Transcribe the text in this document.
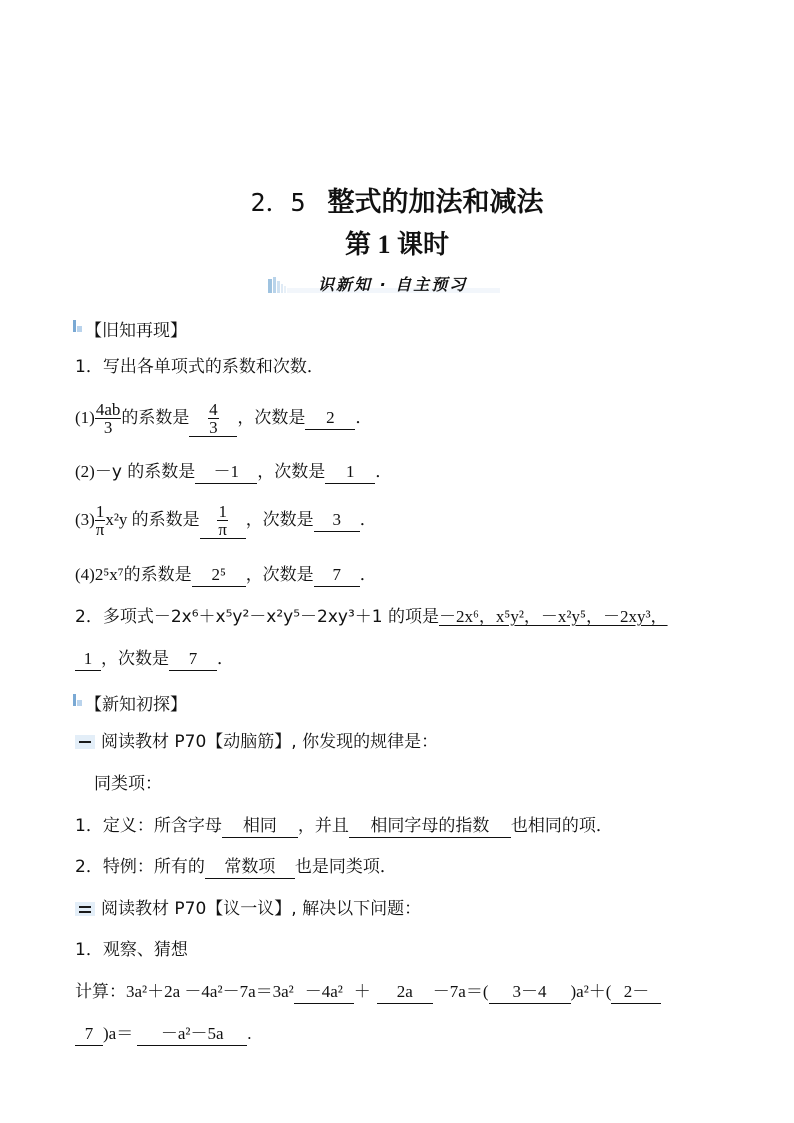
2．5 整式的加法和减法
第 1 课时
识新知 · 自主预习
【旧知再现】
1．写出各单项式的系数和次数．
$(1) \frac{4ab}{3}$ 的系数是 $\frac{4}{3}$ ，次数是 2 ．
(2)－y 的系数是 －1 ，次数是 1 ．
$(3) \frac{1}{\pi} x^2y$ 的系数是 $\frac{1}{\pi}$ ，次数是 3 ．
(4)2⁵x⁷的系数是 2⁵ ，次数是 7 ．
2．多项式－2x⁶＋x⁵y²－x²y⁵－2xy³＋1 的项是－2x⁶，x⁵y²，－x²y⁵，－2xy³，
1 ，次数是 7 ．
【新知初探】
阅读教材 P70【动脑筋】, 你发现的规律是：
同类项：
1．定义：所含字母 相同 ，并且 相同字母的指数 也相同的项．
2．特例：所有的 常数项 也是同类项．
阅读教材 P70【议一议】, 解决以下问题：
1．观察、猜想
计算：3a²＋2a －4a²－7a＝3a² －4a² ＋ 2a －7a＝( 3－4 )a²＋( 2－
7 )a＝ －a²－5a .
